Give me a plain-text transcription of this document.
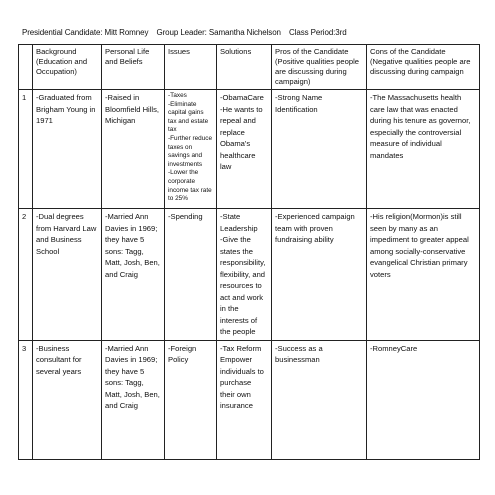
Presidential Candidate: Mitt Romney Group Leader: Samantha Nichelson Class Period:3rd
	Background (Education and Occupation)	Personal Life and Beliefs	Issues	Solutions	Pros of the Candidate (Positive qualities people are discussing during campaign)	Cons of the Candidate (Negative qualities people are discussing during campaign
1	-Graduated from Brigham Young in 1971	-Raised in Bloomfield Hills, Michigan	-Taxes
-Eliminate capital gains tax and estate tax
-Further reduce taxes on savings and investments
-Lower the corporate income tax rate to 25%	-ObamaCare
-He wants to repeal and replace Obama's healthcare law	-Strong Name Identification	-The Massachusetts health care law that was enacted during his tenure as governor, especially the controversial measure of individual mandates
2	-Dual degrees from Harvard Law and Business School	-Married Ann Davies in 1969; they have 5 sons: Tagg, Matt, Josh, Ben, and Craig	-Spending	-State Leadership
-Give the states the responsibility, flexibility, and resources to act and work in the interests of the people	-Experienced campaign team with proven fundraising ability	-His religion(Mormon)is still seen by many as an impediment to greater appeal among socially-conservative evangelical Christian primary voters
3	-Business consultant for several years	-Married Ann Davies in 1969; they have 5 sons: Tagg, Matt, Josh, Ben, and Craig	-Foreign Policy	-Tax Reform
Empower individuals to purchase their own insurance	-Success as a businessman	-RomneyCare
